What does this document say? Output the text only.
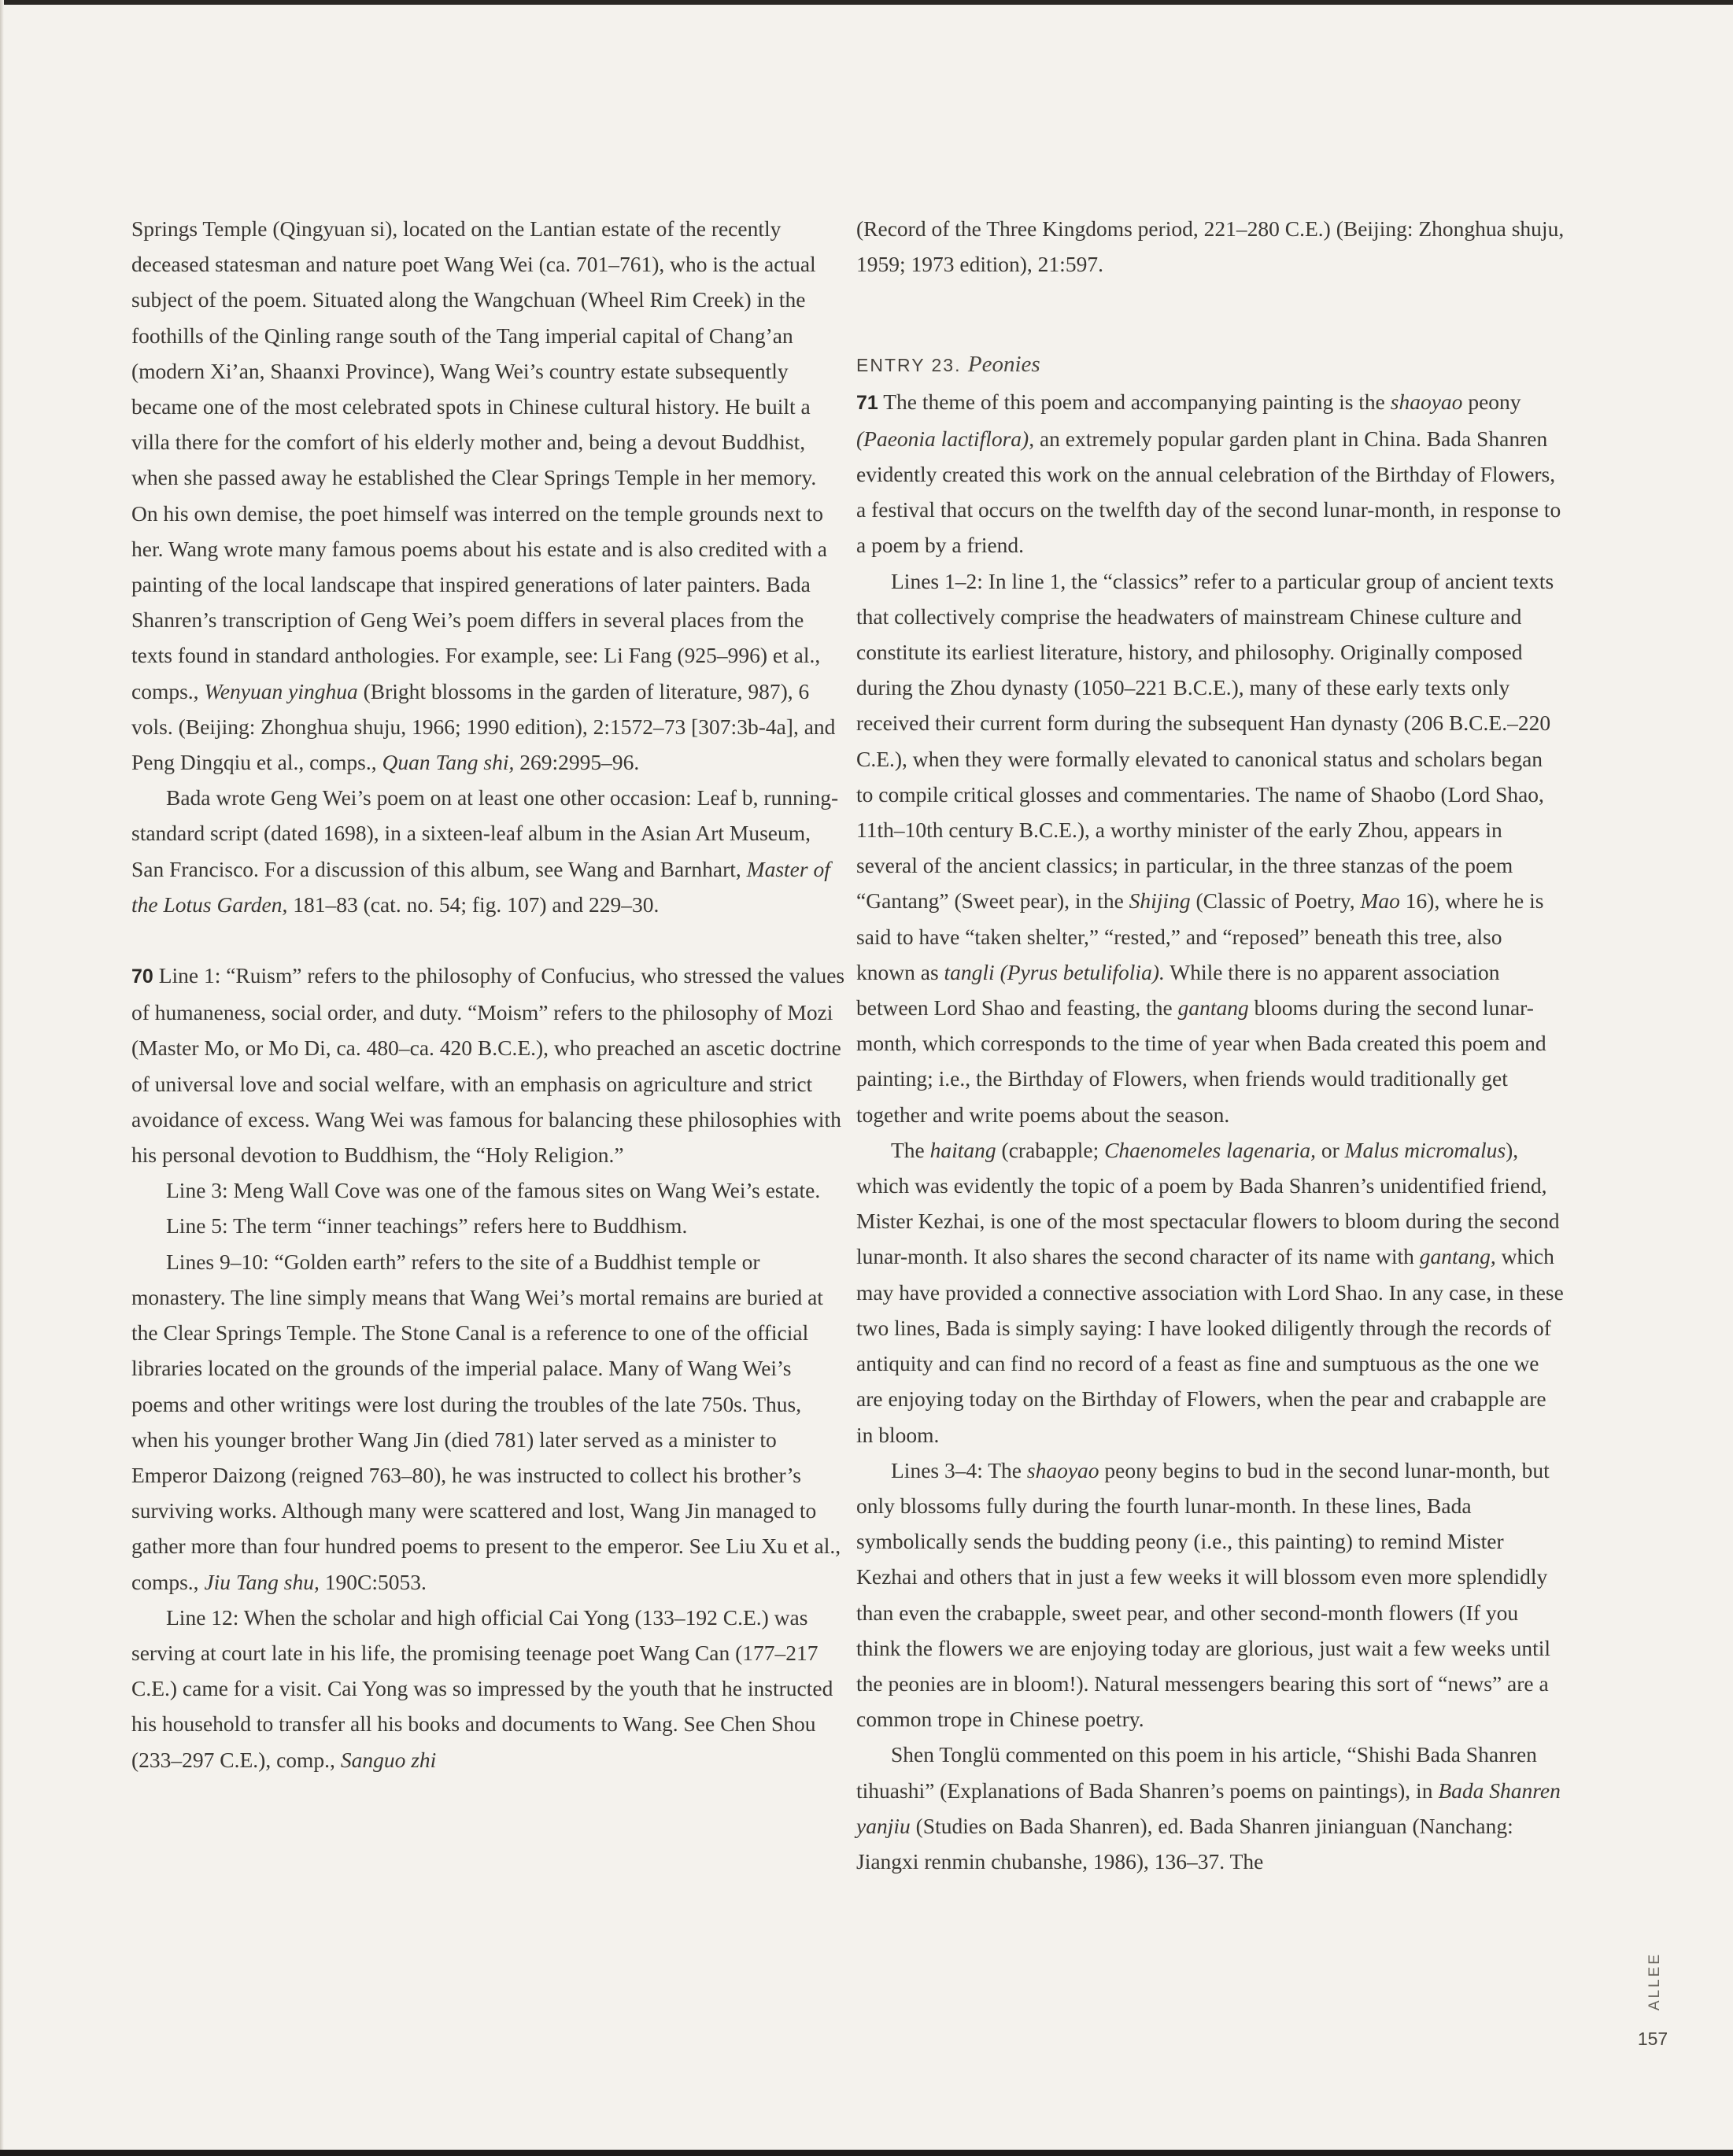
Springs Temple (Qingyuan si), located on the Lantian estate of the recently deceased statesman and nature poet Wang Wei (ca. 701–761), who is the actual subject of the poem. Situated along the Wangchuan (Wheel Rim Creek) in the foothills of the Qinling range south of the Tang imperial capital of Chang’an (modern Xi’an, Shaanxi Province), Wang Wei’s country estate subsequently became one of the most celebrated spots in Chinese cultural history. He built a villa there for the comfort of his elderly mother and, being a devout Buddhist, when she passed away he established the Clear Springs Temple in her memory. On his own demise, the poet himself was interred on the temple grounds next to her. Wang wrote many famous poems about his estate and is also credited with a painting of the local landscape that inspired generations of later painters. Bada Shanren’s transcription of Geng Wei’s poem differs in several places from the texts found in standard anthologies. For example, see: Li Fang (925–996) et al., comps., Wenyuan yinghua (Bright blossoms in the garden of literature, 987), 6 vols. (Beijing: Zhonghua shuju, 1966; 1990 edition), 2:1572–73 [307:3b-4a], and Peng Dingqiu et al., comps., Quan Tang shi, 269:2995–96.

Bada wrote Geng Wei’s poem on at least one other occasion: Leaf b, running-standard script (dated 1698), in a sixteen-leaf album in the Asian Art Museum, San Francisco. For a discussion of this album, see Wang and Barnhart, Master of the Lotus Garden, 181–83 (cat. no. 54; fig. 107) and 229–30.

70 Line 1: “Ruism” refers to the philosophy of Confucius, who stressed the values of humaneness, social order, and duty. “Moism” refers to the philosophy of Mozi (Master Mo, or Mo Di, ca. 480–ca. 420 B.C.E.), who preached an ascetic doctrine of universal love and social welfare, with an emphasis on agriculture and strict avoidance of excess. Wang Wei was famous for balancing these philosophies with his personal devotion to Buddhism, the “Holy Religion.”

Line 3: Meng Wall Cove was one of the famous sites on Wang Wei’s estate.

Line 5: The term “inner teachings” refers here to Buddhism.

Lines 9–10: “Golden earth” refers to the site of a Buddhist temple or monastery. The line simply means that Wang Wei’s mortal remains are buried at the Clear Springs Temple. The Stone Canal is a reference to one of the official libraries located on the grounds of the imperial palace. Many of Wang Wei’s poems and other writings were lost during the troubles of the late 750s. Thus, when his younger brother Wang Jin (died 781) later served as a minister to Emperor Daizong (reigned 763–80), he was instructed to collect his brother’s surviving works. Although many were scattered and lost, Wang Jin managed to gather more than four hundred poems to present to the emperor. See Liu Xu et al., comps., Jiu Tang shu, 190C:5053.

Line 12: When the scholar and high official Cai Yong (133–192 C.E.) was serving at court late in his life, the promising teenage poet Wang Can (177–217 C.E.) came for a visit. Cai Yong was so impressed by the youth that he instructed his household to transfer all his books and documents to Wang. See Chen Shou (233–297 C.E.), comp., Sanguo zhi

(Record of the Three Kingdoms period, 221–280 C.E.) (Beijing: Zhonghua shuju, 1959; 1973 edition), 21:597.

ENTRY 23. Peonies

71 The theme of this poem and accompanying painting is the shaoyao peony (Paeonia lactiflora), an extremely popular garden plant in China. Bada Shanren evidently created this work on the annual celebration of the Birthday of Flowers, a festival that occurs on the twelfth day of the second lunar-month, in response to a poem by a friend.

Lines 1–2: In line 1, the “classics” refer to a particular group of ancient texts that collectively comprise the headwaters of mainstream Chinese culture and constitute its earliest literature, history, and philosophy. Originally composed during the Zhou dynasty (1050–221 B.C.E.), many of these early texts only received their current form during the subsequent Han dynasty (206 B.C.E.–220 C.E.), when they were formally elevated to canonical status and scholars began to compile critical glosses and commentaries. The name of Shaobo (Lord Shao, 11th–10th century B.C.E.), a worthy minister of the early Zhou, appears in several of the ancient classics; in particular, in the three stanzas of the poem “Gantang” (Sweet pear), in the Shijing (Classic of Poetry, Mao 16), where he is said to have “taken shelter,” “rested,” and “reposed” beneath this tree, also known as tangli (Pyrus betulifolia). While there is no apparent association between Lord Shao and feasting, the gantang blooms during the second lunar-month, which corresponds to the time of year when Bada created this poem and painting; i.e., the Birthday of Flowers, when friends would traditionally get together and write poems about the season.

The haitang (crabapple; Chaenomeles lagenaria, or Malus micromalus), which was evidently the topic of a poem by Bada Shanren’s unidentified friend, Mister Kezhai, is one of the most spectacular flowers to bloom during the second lunar-month. It also shares the second character of its name with gantang, which may have provided a connective association with Lord Shao. In any case, in these two lines, Bada is simply saying: I have looked diligently through the records of antiquity and can find no record of a feast as fine and sumptuous as the one we are enjoying today on the Birthday of Flowers, when the pear and crabapple are in bloom.

Lines 3–4: The shaoyao peony begins to bud in the second lunar-month, but only blossoms fully during the fourth lunar-month. In these lines, Bada symbolically sends the budding peony (i.e., this painting) to remind Mister Kezhai and others that in just a few weeks it will blossom even more splendidly than even the crabapple, sweet pear, and other second-month flowers (If you think the flowers we are enjoying today are glorious, just wait a few weeks until the peonies are in bloom!). Natural messengers bearing this sort of “news” are a common trope in Chinese poetry.

Shen Tonglü commented on this poem in his article, “Shishi Bada Shanren tihuashi” (Explanations of Bada Shanren’s poems on paintings), in Bada Shanren yanjiu (Studies on Bada Shanren), ed. Bada Shanren jinianguan (Nanchang: Jiangxi renmin chubanshe, 1986), 136–37. The

ALLEE
157
